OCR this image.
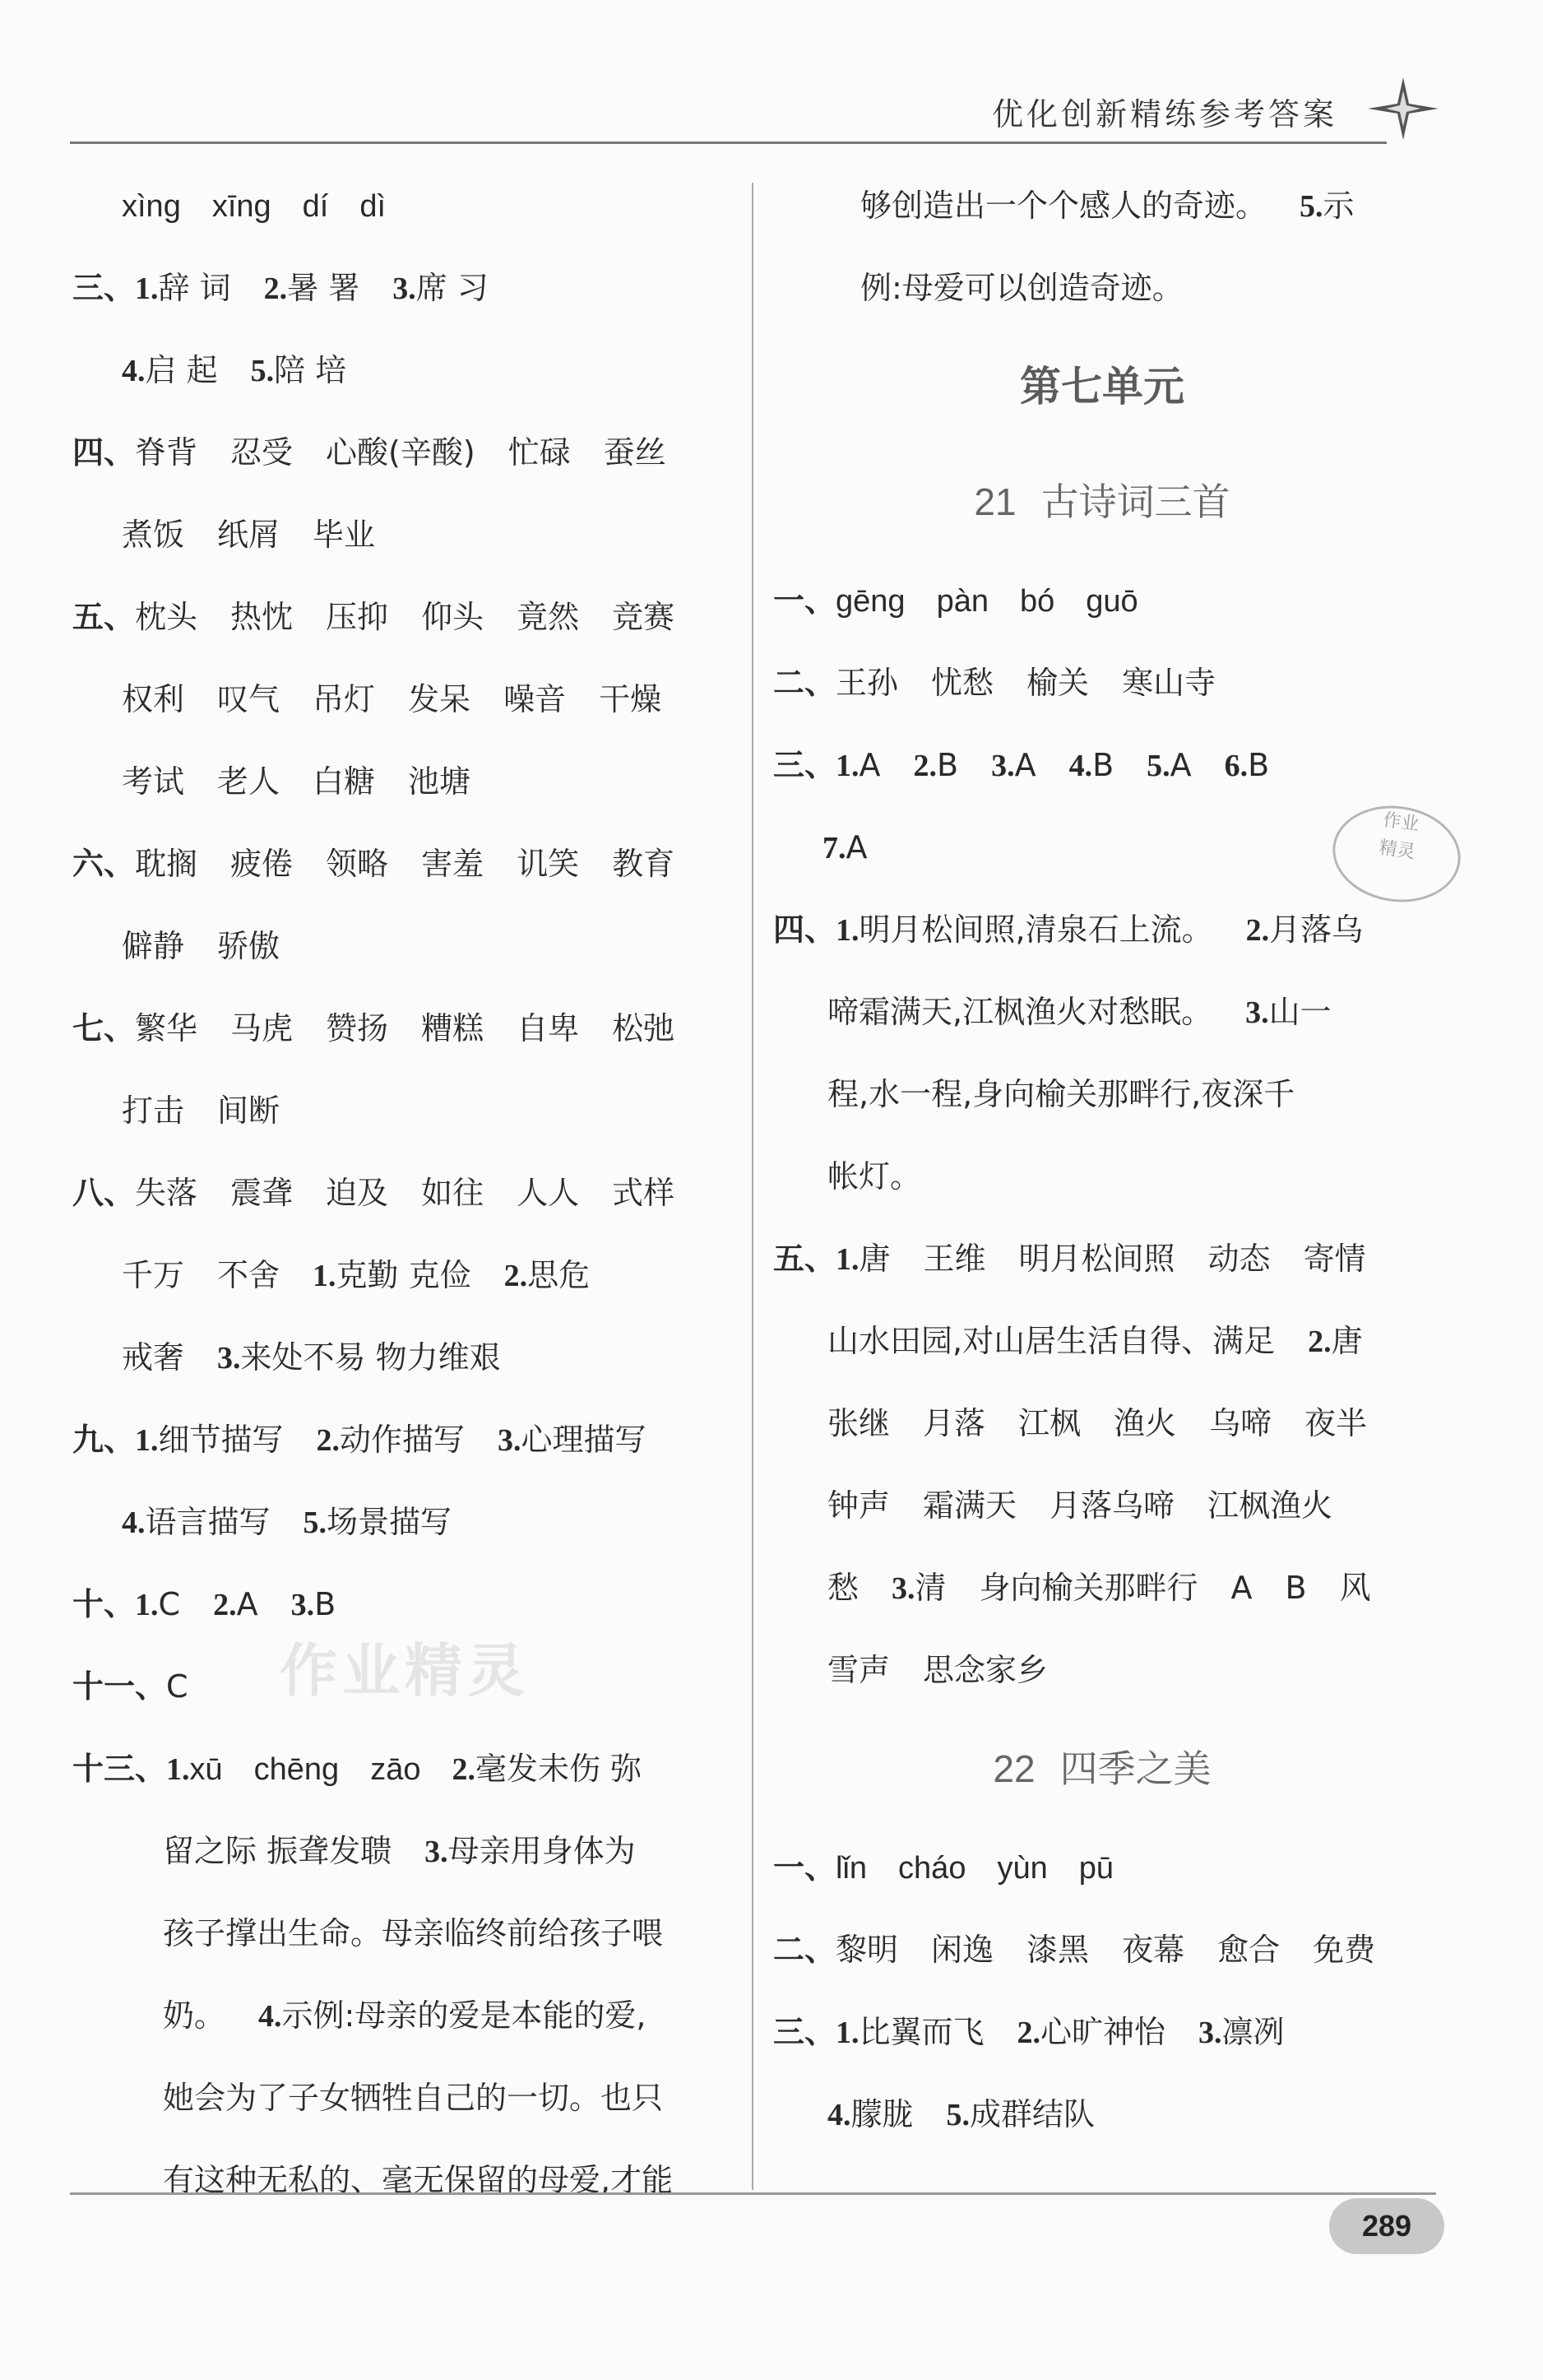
优化创新精练参考答案
xìng xīng dí dì
三、1.辞 词 2.暑 署 3.席 习
4.启 起 5.陪 培
四、脊背 忍受 心酸(辛酸) 忙碌 蚕丝
煮饭 纸屑 毕业
五、枕头 热忱 压抑 仰头 竟然 竞赛
权利 叹气 吊灯 发呆 噪音 干燥
考试 老人 白糖 池塘
六、耽搁 疲倦 领略 害羞 讥笑 教育
僻静 骄傲
七、繁华 马虎 赞扬 糟糕 自卑 松弛
打击 间断
八、失落 震聋 迫及 如往 人人 式样
千万 不舍 1.克勤 克俭 2.思危
戒奢 3.来处不易 物力维艰
九、1.细节描写 2.动作描写 3.心理描写
4.语言描写 5.场景描写
十、1.C 2.A 3.B
十一、C
十三、1.xū chēng zāo 2.毫发未伤 弥
留之际 振聋发聩 3.母亲用身体为
孩子撑出生命。母亲临终前给孩子喂
奶。 4.示例:母亲的爱是本能的爱,
她会为了子女牺牲自己的一切。也只
有这种无私的、毫无保留的母爱,才能
够创造出一个个感人的奇迹。 5.示
例:母爱可以创造奇迹。
第七单元
21 古诗词三首
一、gēng pàn bó guō
二、王孙 忧愁 榆关 寒山寺
三、1.A 2.B 3.A 4.B 5.A 6.B
7.A
四、1.明月松间照,清泉石上流。 2.月落乌
啼霜满天,江枫渔火对愁眠。 3.山一
程,水一程,身向榆关那畔行,夜深千
帐灯。
五、1.唐 王维 明月松间照 动态 寄情
山水田园,对山居生活自得、满足 2.唐
张继 月落 江枫 渔火 乌啼 夜半
钟声 霜满天 月落乌啼 江枫渔火
愁 3.清 身向榆关那畔行 A B 风
雪声 思念家乡
22 四季之美
一、lǐn cháo yùn pū
二、黎明 闲逸 漆黑 夜幕 愈合 免费
三、1.比翼而飞 2.心旷神怡 3.凛冽
4.朦胧 5.成群结队
作业精灵
作业
精灵
289
